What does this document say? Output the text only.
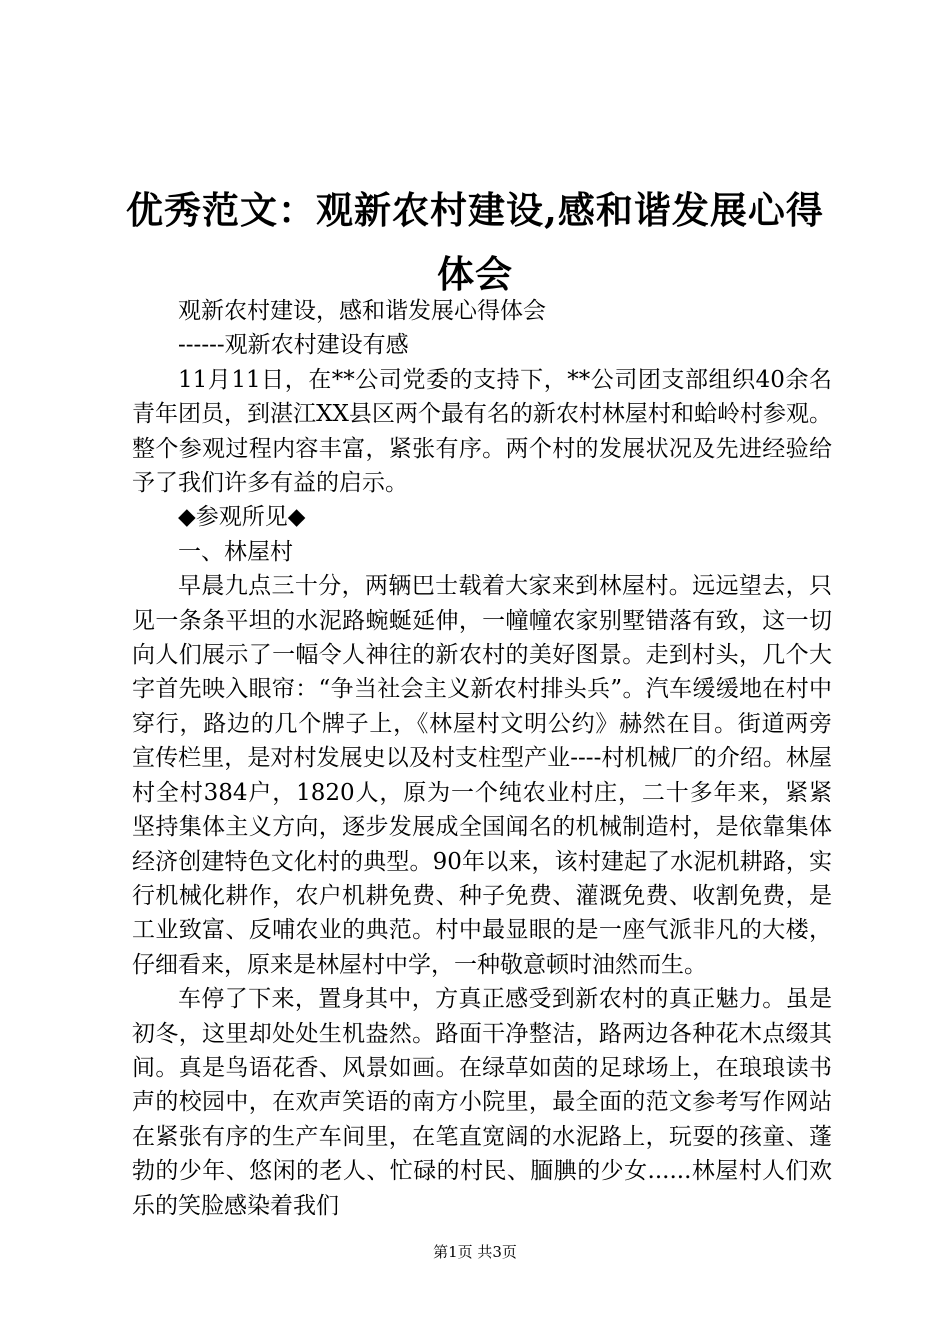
优秀范文：观新农村建设,感和谐发展心得体会

观新农村建设，感和谐发展心得体会

------观新农村建设有感

11月11日，在**公司党委的支持下，**公司团支部组织40余名青年团员，到湛江XX县区两个最有名的新农村林屋村和蛤岭村参观。整个参观过程内容丰富，紧张有序。两个村的发展状况及先进经验给予了我们许多有益的启示。

◆参观所见◆

一、林屋村

早晨九点三十分，两辆巴士载着大家来到林屋村。远远望去，只见一条条平坦的水泥路蜿蜒延伸，一幢幢农家别墅错落有致，这一切向人们展示了一幅令人神往的新农村的美好图景。走到村头，几个大字首先映入眼帘：“争当社会主义新农村排头兵”。汽车缓缓地在村中穿行，路边的几个牌子上，《林屋村文明公约》赫然在目。街道两旁宣传栏里，是对村发展史以及村支柱型产业----村机械厂的介绍。林屋村全村384户，1820人，原为一个纯农业村庄，二十多年来，紧紧坚持集体主义方向，逐步发展成全国闻名的机械制造村，是依靠集体经济创建特色文化村的典型。90年以来，该村建起了水泥机耕路，实行机械化耕作，农户机耕免费、种子免费、灌溉免费、收割免费，是工业致富、反哺农业的典范。村中最显眼的是一座气派非凡的大楼，仔细看来，原来是林屋村中学，一种敬意顿时油然而生。

车停了下来，置身其中，方真正感受到新农村的真正魅力。虽是初冬，这里却处处生机盎然。路面干净整洁，路两边各种花木点缀其间。真是鸟语花香、风景如画。在绿草如茵的足球场上，在琅琅读书声的校园中，在欢声笑语的南方小院里，最全面的范文参考写作网站在紧张有序的生产车间里，在笔直宽阔的水泥路上，玩耍的孩童、蓬勃的少年、悠闲的老人、忙碌的村民、腼腆的少女......林屋村人们欢乐的笑脸感染着我们

第1页 共3页
